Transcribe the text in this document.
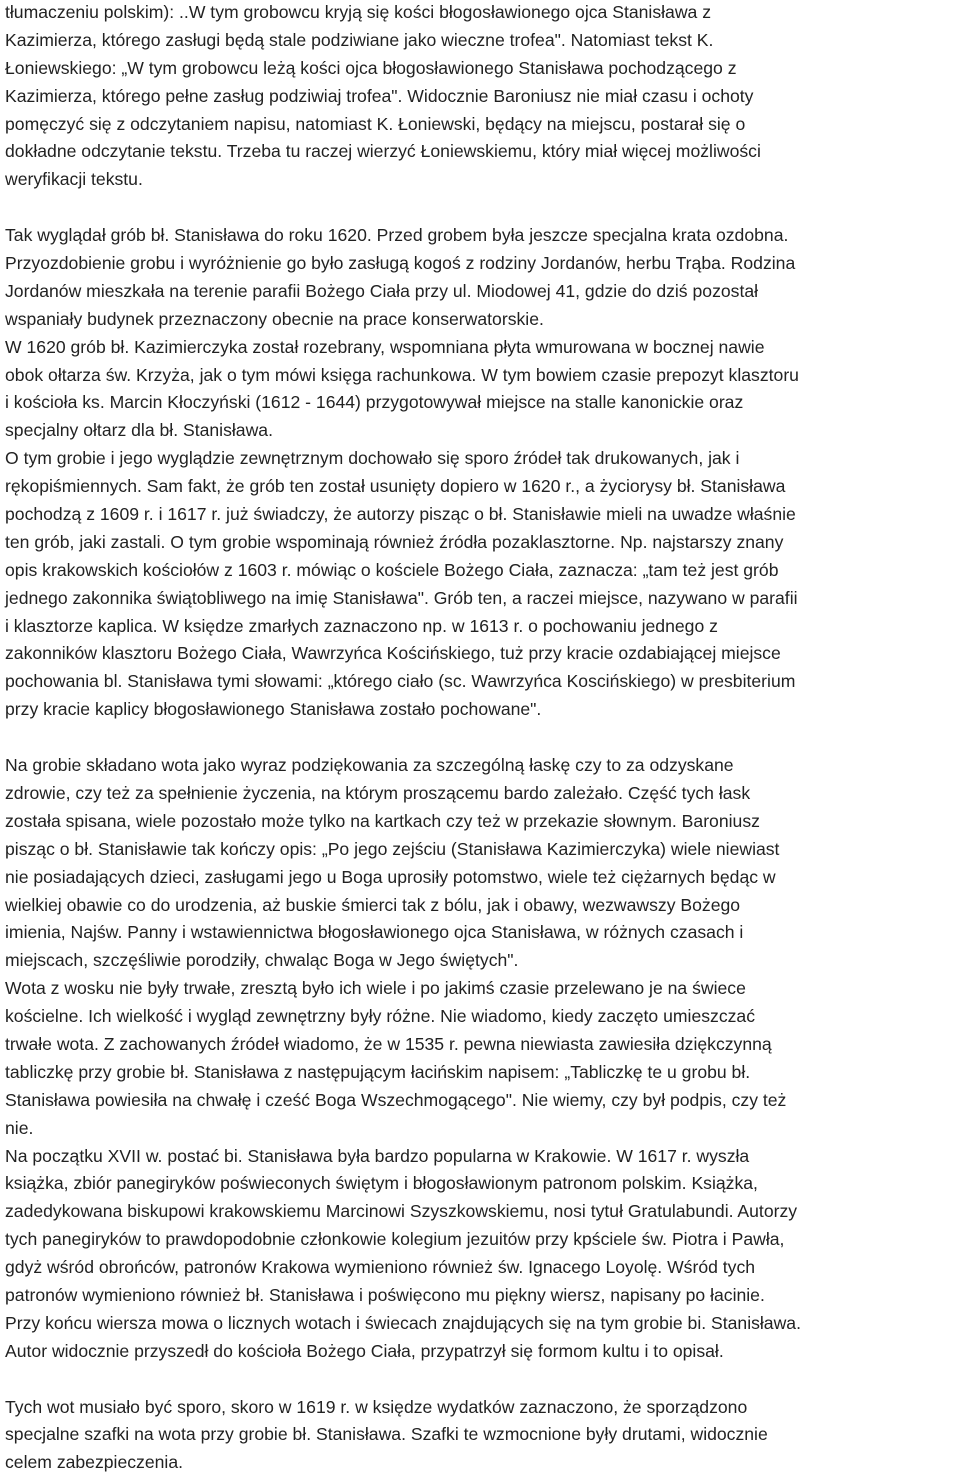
tłumaczeniu polskim): ..W tym grobowcu kryją się kości błogosławionego ojca Stanisława z
Kazimierza, którego zasługi będą stale podziwiane jako wieczne trofea". Natomiast tekst K.
Łoniewskiego: „W tym grobowcu leżą kości ojca błogosławionego Stanisława pochodzącego z
Kazimierza, którego pełne zasług podziwiaj trofea". Widocznie Baroniusz nie miał czasu i ochoty
pomęczyć się z odczytaniem napisu, natomiast K. Łoniewski, będący na miejscu, postarał się o
dokładne odczytanie tekstu. Trzeba tu raczej wierzyć Łoniewskiemu, który miał więcej możliwości
weryfikacji tekstu.
Tak wyglądał grób bł. Stanisława do roku 1620. Przed grobem była jeszcze specjalna krata ozdobna.
Przyozdobienie grobu i wyróżnienie go było zasługą kogoś z rodziny Jordanów, herbu Trąba. Rodzina
Jordanów mieszkała na terenie parafii Bożego Ciała przy ul. Miodowej 41, gdzie do dziś pozostał
wspaniały budynek przeznaczony obecnie na prace konserwatorskie.
W 1620 grób bł. Kazimierczyka został rozebrany, wspomniana płyta wmurowana w bocznej nawie
obok ołtarza św. Krzyża, jak o tym mówi księga rachunkowa. W tym bowiem czasie prepozyt klasztoru
i kościoła ks. Marcin Kłoczyński (1612 - 1644) przygotowywał miejsce na stalle kanonickie oraz
specjalny ołtarz dla bł. Stanisława.
O tym grobie i jego wyglądzie zewnętrznym dochowało się sporo źródeł tak drukowanych, jak i
rękopiśmiennych. Sam fakt, że grób ten został usunięty dopiero w 1620 r., a życiorysy bł. Stanisława
pochodzą z 1609 r. i 1617 r. już świadczy, że autorzy pisząc o bł. Stanisławie mieli na uwadze właśnie
ten grób, jaki zastali. O tym grobie wspominają również źródła pozaklasztorne. Np. najstarszy znany
opis krakowskich kościołów z 1603 r. mówiąc o kościele Bożego Ciała, zaznacza: „tam też jest grób
jednego zakonnika świątobliwego na imię Stanisława". Grób ten, a raczei miejsce, nazywano w parafii
i klasztorze kaplica. W księdze zmarłych zaznaczono np. w 1613 r. o pochowaniu jednego z
zakonników klasztoru Bożego Ciała, Wawrzyńca Kościńskiego, tuż przy kracie ozdabiającej miejsce
pochowania bl. Stanisława tymi słowami: „którego ciało (sc. Wawrzyńca Koscińskiego) w presbiterium
przy kracie kaplicy błogosławionego Stanisława zostało pochowane".
Na grobie składano wota jako wyraz podziękowania za szczególną łaskę czy to za odzyskane
zdrowie, czy też za spełnienie życzenia, na którym proszącemu bardo zależało. Część tych łask
została spisana, wiele pozostało może tylko na kartkach czy też w przekazie słownym. Baroniusz
pisząc o bł. Stanisławie tak kończy opis: „Po jego zejściu (Stanisława Kazimierczyka) wiele niewiast
nie posiadających dzieci, zasługami jego u Boga uprosiły potomstwo, wiele też ciężarnych będąc w
wielkiej obawie co do urodzenia, aż buskie śmierci tak z bólu, jak i obawy, wezwawszy Bożego
imienia, Najśw. Panny i wstawiennictwa błogosławionego ojca Stanisława, w różnych czasach i
miejscach, szczęśliwie porodziły, chwaląc Boga w Jego świętych".
Wota z wosku nie były trwałe, zresztą było ich wiele i po jakimś czasie przelewano je na świece
kościelne. Ich wielkość i wygląd zewnętrzny były różne. Nie wiadomo, kiedy zaczęto umieszczać
trwałe wota. Z zachowanych źródeł wiadomo, że w 1535 r. pewna niewiasta zawiesiła dziękczynną
tabliczkę przy grobie bł. Stanisława z następującym łacińskim napisem: „Tabliczkę te u grobu bł.
Stanisława powiesiła na chwałę i cześć Boga Wszechmogącego". Nie wiemy, czy był podpis, czy też
nie.
Na początku XVII w. postać bi. Stanisława była bardzo popularna w Krakowie. W 1617 r. wyszła
książka, zbiór panegiryków poświeconych świętym i błogosławionym patronom polskim. Książka,
zadedykowana biskupowi krakowskiemu Marcinowi Szyszkowskiemu, nosi tytuł Gratulabundi. Autorzy
tych panegiryków to prawdopodobnie członkowie kolegium jezuitów przy kpściele św. Piotra i Pawła,
gdyż wśród obrońców, patronów Krakowa wymieniono również św. Ignacego Loyolę. Wśród tych
patronów wymieniono również bł. Stanisława i poświęcono mu piękny wiersz, napisany po łacinie.
Przy końcu wiersza mowa o licznych wotach i świecach znajdujących się na tym grobie bi. Stanisława.
Autor widocznie przyszedł do kościoła Bożego Ciała, przypatrzył się formom kultu i to opisał.
Tych wot musiało być sporo, skoro w 1619 r. w księdze wydatków zaznaczono, że sporządzono
specjalne szafki na wota przy grobie bł. Stanisława. Szafki te wzmocnione były drutami, widocznie
celem zabezpieczenia.
